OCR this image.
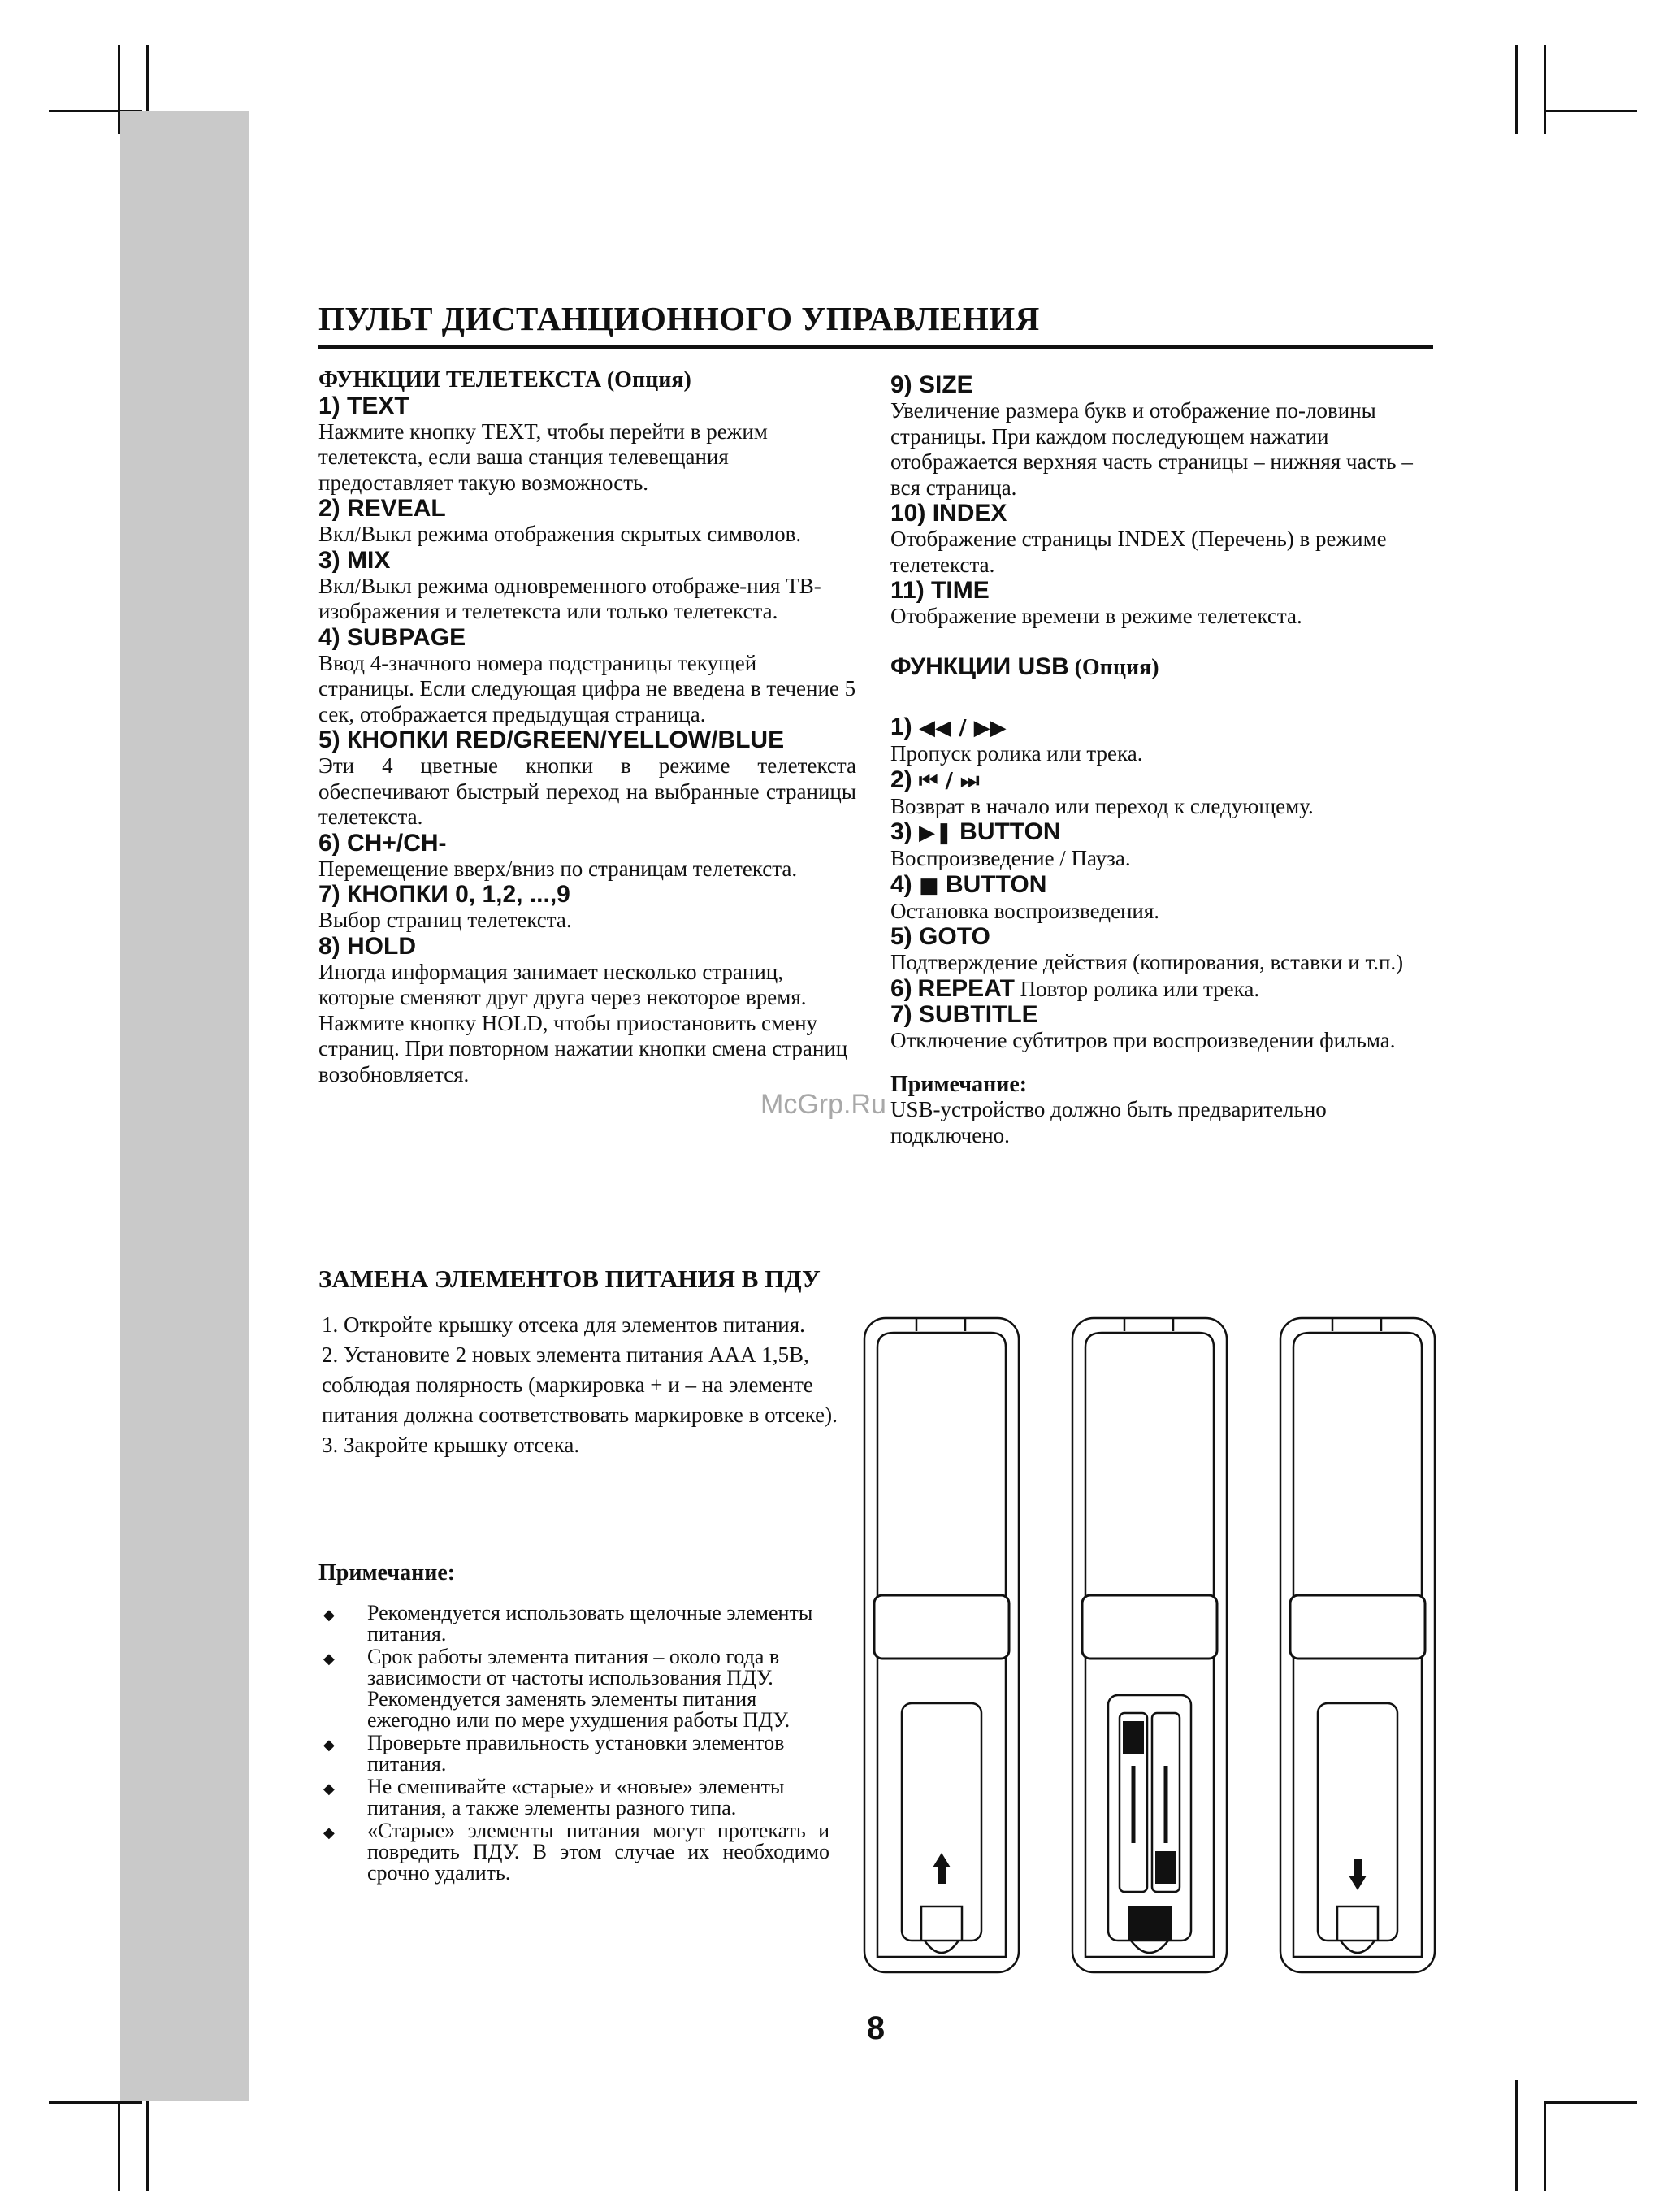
ПУЛЬТ ДИСТАНЦИОННОГО УПРАВЛЕНИЯ
ФУНКЦИИ ТЕЛЕТЕКСТА (Опция)
1) TEXT

Нажмите кнопку TEXT, чтобы перейти в режим телетекста, если ваша станция телевещания предоставляет такую возможность.

2) REVEAL

Вкл/Выкл режима отображения скрытых символов.

3) MIX

Вкл/Выкл режима одновременного отображе-ния ТВ-изображения и телетекста или только телетекста.

4) SUBPAGE

Ввод 4-значного номера подстраницы текущей страницы. Если следующая цифра не введена в течение 5 сек, отображается предыдущая страница.

5) КНОПКИ RED/GREEN/YELLOW/BLUE

Эти 4 цветные кнопки в режиме телетекста обеспечивают быстрый переход на выбранные страницы телетекста.

6) CH+/CH-

Перемещение вверх/вниз по страницам телетекста.

7) КНОПКИ 0, 1,2, ...,9

Выбор страниц телетекста.

8) HOLD

Иногда информация занимает несколько страниц, которые сменяют друг друга через некоторое время. Нажмите кнопку HOLD, чтобы приостановить смену страниц. При повторном нажатии кнопки смена страниц возобновляется.

9) SIZE

Увеличение размера букв и отображение по-ловины страницы. При каждом последующем нажатии отображается верхняя часть страницы – нижняя часть – вся страница.

10) INDEX

Отображение страницы INDEX (Перечень) в режиме телетекста.

11) TIME

Отображение времени в режиме телетекста.

ФУНКЦИИ USB (Опция)
1) ◀◀ / ▶▶

Пропуск ролика или трека.

2) ⏮ / ⏭

Возврат в начало или переход к следующему.

3) ▶❚ BUTTON

Воспроизведение / Пауза.

4) ■ BUTTON

Остановка воспроизведения.

5) GOTO

Подтверждение действия (копирования, вставки и т.п.)

6) REPEAT Повтор ролика или трека.

7) SUBTITLE

Отключение субтитров при воспроизведении фильма.

Примечание:

USB-устройство должно быть предварительно подключено.

ЗАМЕНА ЭЛЕМЕНТОВ ПИТАНИЯ В ПДУ

1. Откройте крышку отсека для элементов питания.

2. Установите 2 новых элемента питания ААА 1,5В, соблюдая полярность (маркировка + и – на элементе питания должна соответствовать маркировке в отсеке).

3. Закройте крышку отсека.

Примечание:
◆	Рекомендуется использовать щелочные элементы питания.
◆	Срок работы элемента питания – около года в зависимости от частоты использования ПДУ. Рекомендуется заменять элементы питания ежегодно или по мере ухудшения работы ПДУ.
◆	Проверьте правильность установки элементов питания.
◆	Не смешивайте «старые» и «новые» элементы питания, а также элементы разного типа.
◆	«Старые» элементы питания могут протекать и повредить ПДУ. В этом случае их необходимо срочно удалить.
McGrp.Ru
8
